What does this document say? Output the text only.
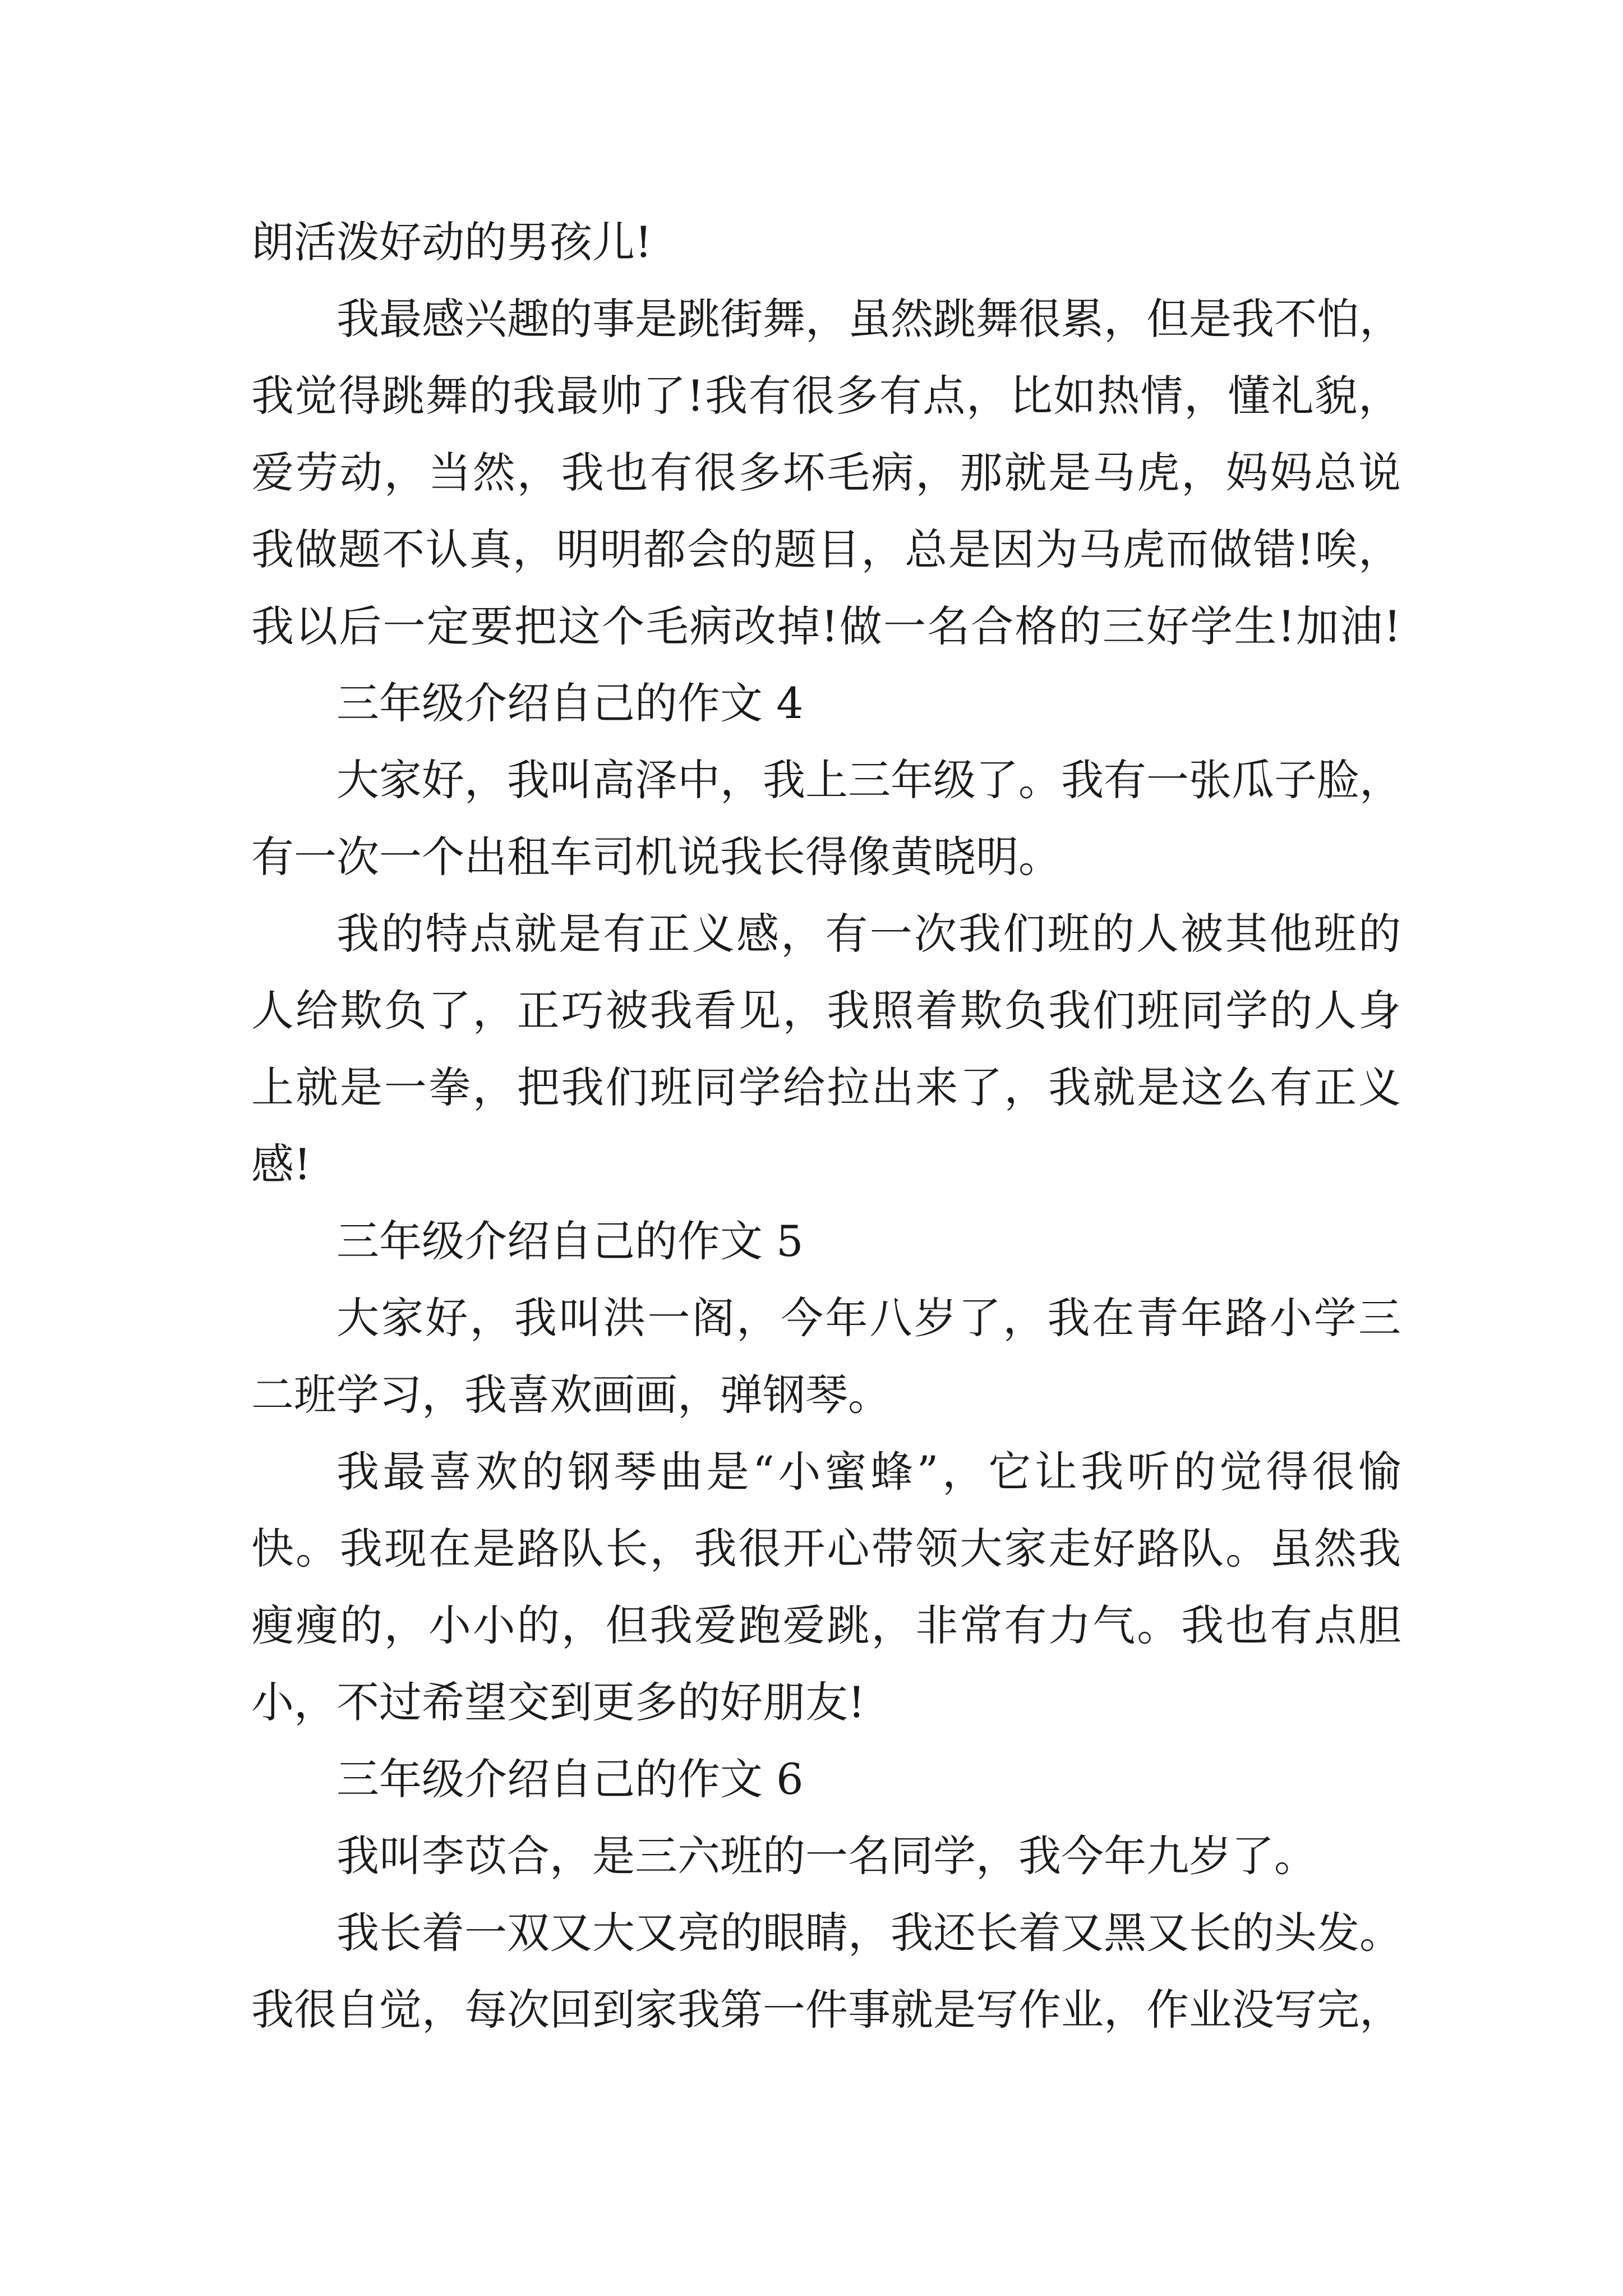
朗活泼好动的男孩儿!
我最感兴趣的事是跳街舞，虽然跳舞很累，但是我不怕，
我觉得跳舞的我最帅了!我有很多有点，比如热情，懂礼貌，
爱劳动，当然，我也有很多坏毛病，那就是马虎，妈妈总说
我做题不认真，明明都会的题目，总是因为马虎而做错!唉，
我以后一定要把这个毛病改掉!做一名合格的三好学生!加油!
三年级介绍自己的作文 4
大家好，我叫高泽中，我上三年级了。我有一张瓜子脸，
有一次一个出租车司机说我长得像黄晓明。
我的特点就是有正义感，有一次我们班的人被其他班的
人给欺负了，正巧被我看见，我照着欺负我们班同学的人身
上就是一拳，把我们班同学给拉出来了，我就是这么有正义
感!
三年级介绍自己的作文 5
大家好，我叫洪一阁，今年八岁了，我在青年路小学三
二班学习，我喜欢画画，弹钢琴。
我最喜欢的钢琴曲是“小蜜蜂”，它让我听的觉得很愉
快。我现在是路队长，我很开心带领大家走好路队。虽然我
瘦瘦的，小小的，但我爱跑爱跳，非常有力气。我也有点胆
小，不过希望交到更多的好朋友!
三年级介绍自己的作文 6
我叫李苡合，是三六班的一名同学，我今年九岁了。
我长着一双又大又亮的眼睛，我还长着又黑又长的头发。
我很自觉，每次回到家我第一件事就是写作业，作业没写完，
